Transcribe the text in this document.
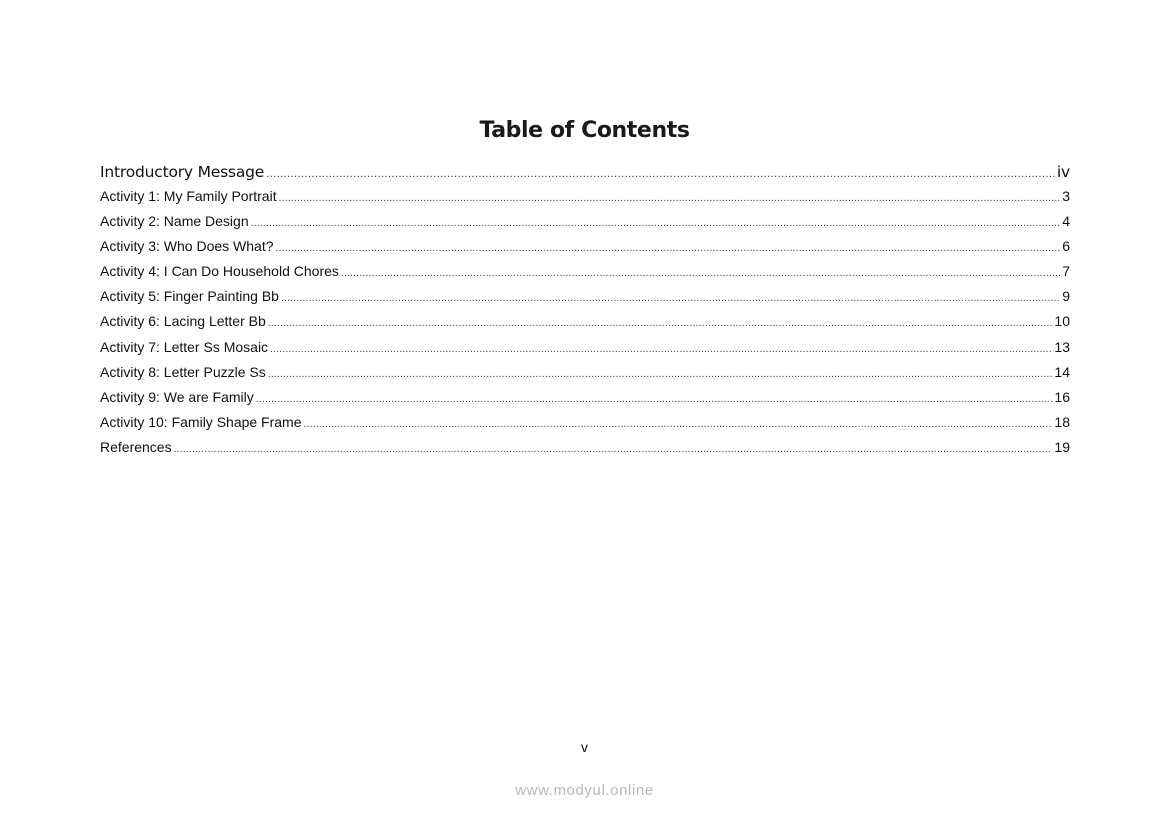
Table of Contents
Introductory Message .....	iv
Activity 1: My Family Portrait .....	3
Activity 2: Name Design .....	4
Activity 3: Who Does What? .....	6
Activity 4: I Can Do Household Chores .....	7
Activity 5: Finger Painting Bb .....	9
Activity 6: Lacing Letter Bb .....	10
Activity 7: Letter Ss Mosaic .....	13
Activity 8: Letter Puzzle Ss .....	14
Activity 9: We are Family .....	16
Activity 10: Family Shape Frame .....	18
References .....	19
v
www.modyul.online
